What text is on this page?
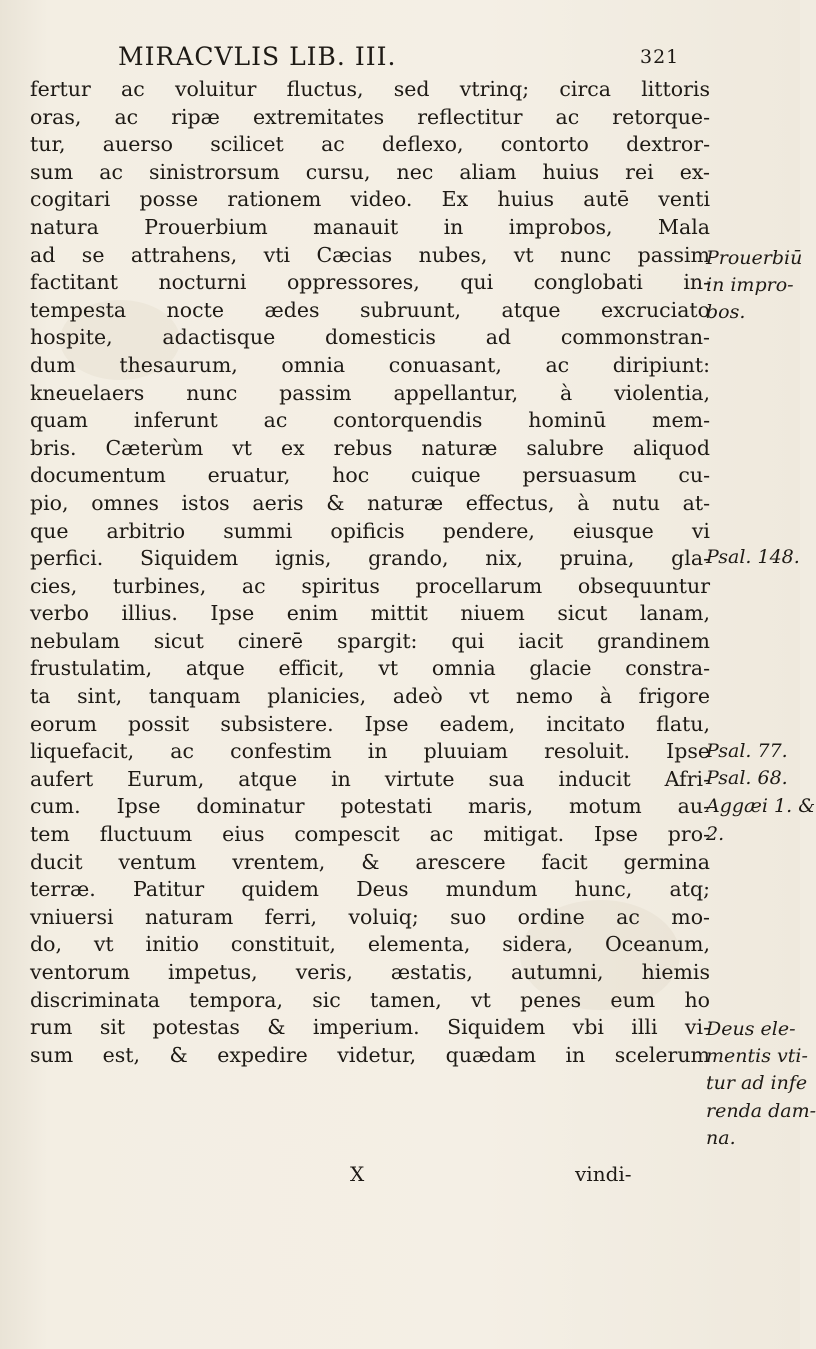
MIRACVLIS LIB. III.	321
fertur ac voluitur fluctus, sed vtrinq; circa littoris
oras, ac ripæ extremitates reflectitur ac retorque-
tur, auerso scilicet ac deflexo, contorto dextror-
sum ac sinistrorsum cursu, nec aliam huius rei ex-
cogitari posse rationem video. Ex huius autē venti
natura Prouerbium manauit in improbos, Mala
ad se attrahens, vti Cæcias nubes, vt nunc passim
factitant nocturni oppressores, qui conglobati in-
tempesta nocte ædes subruunt, atque excruciato
hospite, adactisque domesticis ad commonstran-
dum thesaurum, omnia conuasant, ac diripiunt:
kneuelaers nunc passim appellantur, à violentia,
quam inferunt ac contorquendis hominū mem-
bris. Cæterùm vt ex rebus naturæ salubre aliquod
documentum eruatur, hoc cuique persuasum cu-
pio, omnes istos aeris & naturæ effectus, à nutu at-
que arbitrio summi opificis pendere, eiusque vi
perfici. Siquidem ignis, grando, nix, pruina, gla-
cies, turbines, ac spiritus procellarum obsequuntur
verbo illius. Ipse enim mittit niuem sicut lanam,
nebulam sicut cinerē spargit: qui iacit grandinem
frustulatim, atque efficit, vt omnia glacie constra-
ta sint, tanquam planicies, adeò vt nemo à frigore
eorum possit subsistere. Ipse eadem, incitato flatu,
liquefacit, ac confestim in pluuiam resoluit. Ipse
aufert Eurum, atque in virtute sua inducit Afri-
cum. Ipse dominatur potestati maris, motum au-
tem fluctuum eius compescit ac mitigat. Ipse pro-
ducit ventum vrentem, & arescere facit germina
terræ. Patitur quidem Deus mundum hunc, atq;
vniuersi naturam ferri, voluiq; suo ordine ac mo-
do, vt initio constituit, elementa, sidera, Oceanum,
ventorum impetus, veris, æstatis, autumni, hiemis
discriminata tempora, sic tamen, vt penes eum ho
rum sit potestas & imperium. Siquidem vbi illi vi-
sum est, & expedire videtur, quædam in scelerum
Prouerbiū
in impro-
bos.
Psal. 148.
Psal. 77.
Psal. 68.
Aggæi 1. &
2.
Deus ele-
mentis vti-
tur ad infe
renda dam-
na.
X	vindi-
